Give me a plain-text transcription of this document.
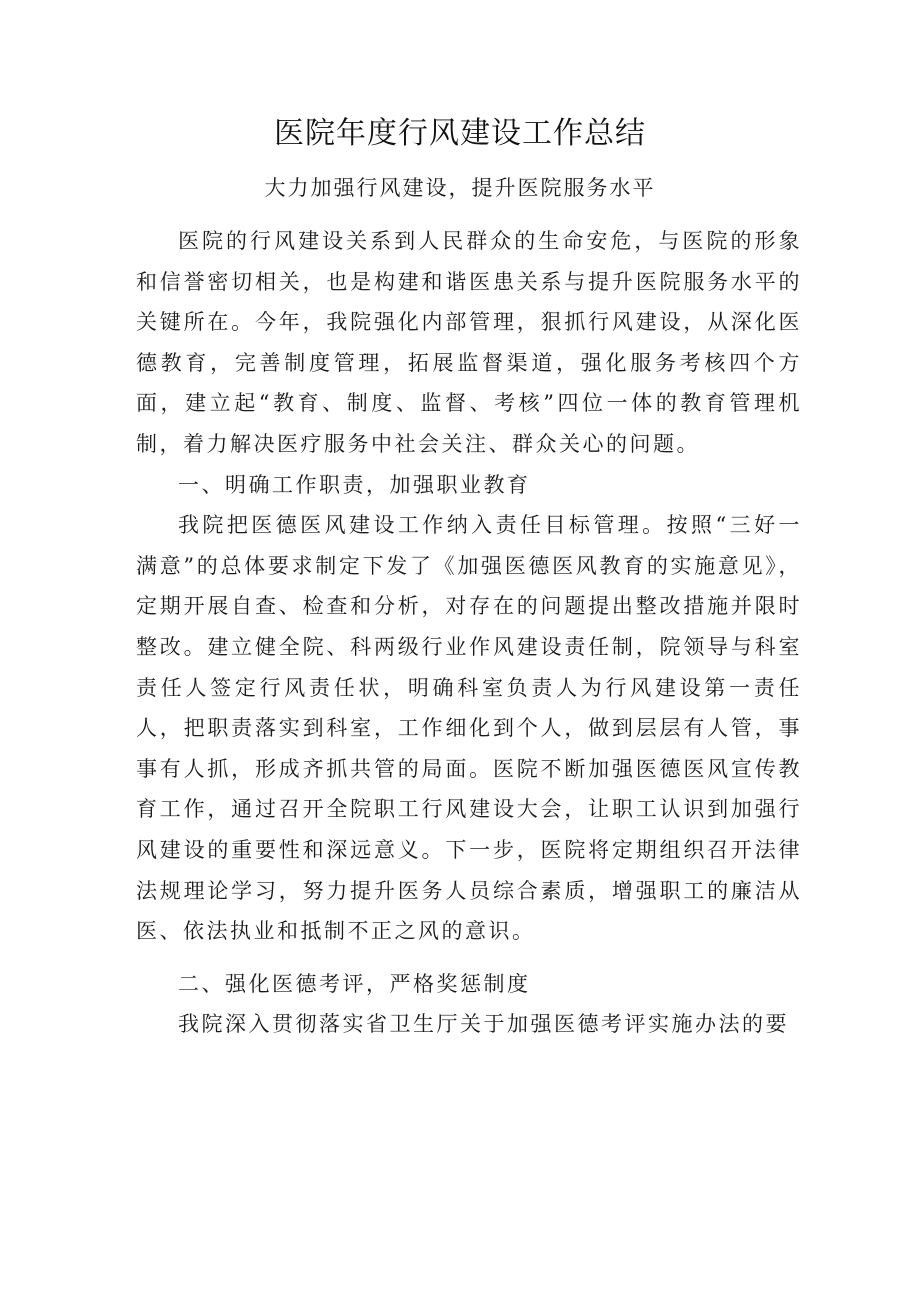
医院年度行风建设工作总结

大力加强行风建设，提升医院服务水平

医院的行风建设关系到人民群众的生命安危，与医院的形象和信誉密切相关，也是构建和谐医患关系与提升医院服务水平的关键所在。今年，我院强化内部管理，狠抓行风建设，从深化医德教育，完善制度管理，拓展监督渠道，强化服务考核四个方面，建立起“教育、制度、监督、考核”四位一体的教育管理机制，着力解决医疗服务中社会关注、群众关心的问题。

一、明确工作职责，加强职业教育

我院把医德医风建设工作纳入责任目标管理。按照“三好一满意”的总体要求制定下发了《加强医德医风教育的实施意见》，定期开展自查、检查和分析，对存在的问题提出整改措施并限时整改。建立健全院、科两级行业作风建设责任制，院领导与科室责任人签定行风责任状，明确科室负责人为行风建设第一责任人，把职责落实到科室，工作细化到个人，做到层层有人管，事事有人抓，形成齐抓共管的局面。医院不断加强医德医风宣传教育工作，通过召开全院职工行风建设大会，让职工认识到加强行风建设的重要性和深远意义。下一步，医院将定期组织召开法律法规理论学习，努力提升医务人员综合素质，增强职工的廉洁从医、依法执业和抵制不正之风的意识。

二、强化医德考评，严格奖惩制度

我院深入贯彻落实省卫生厅关于加强医德考评实施办法的要
